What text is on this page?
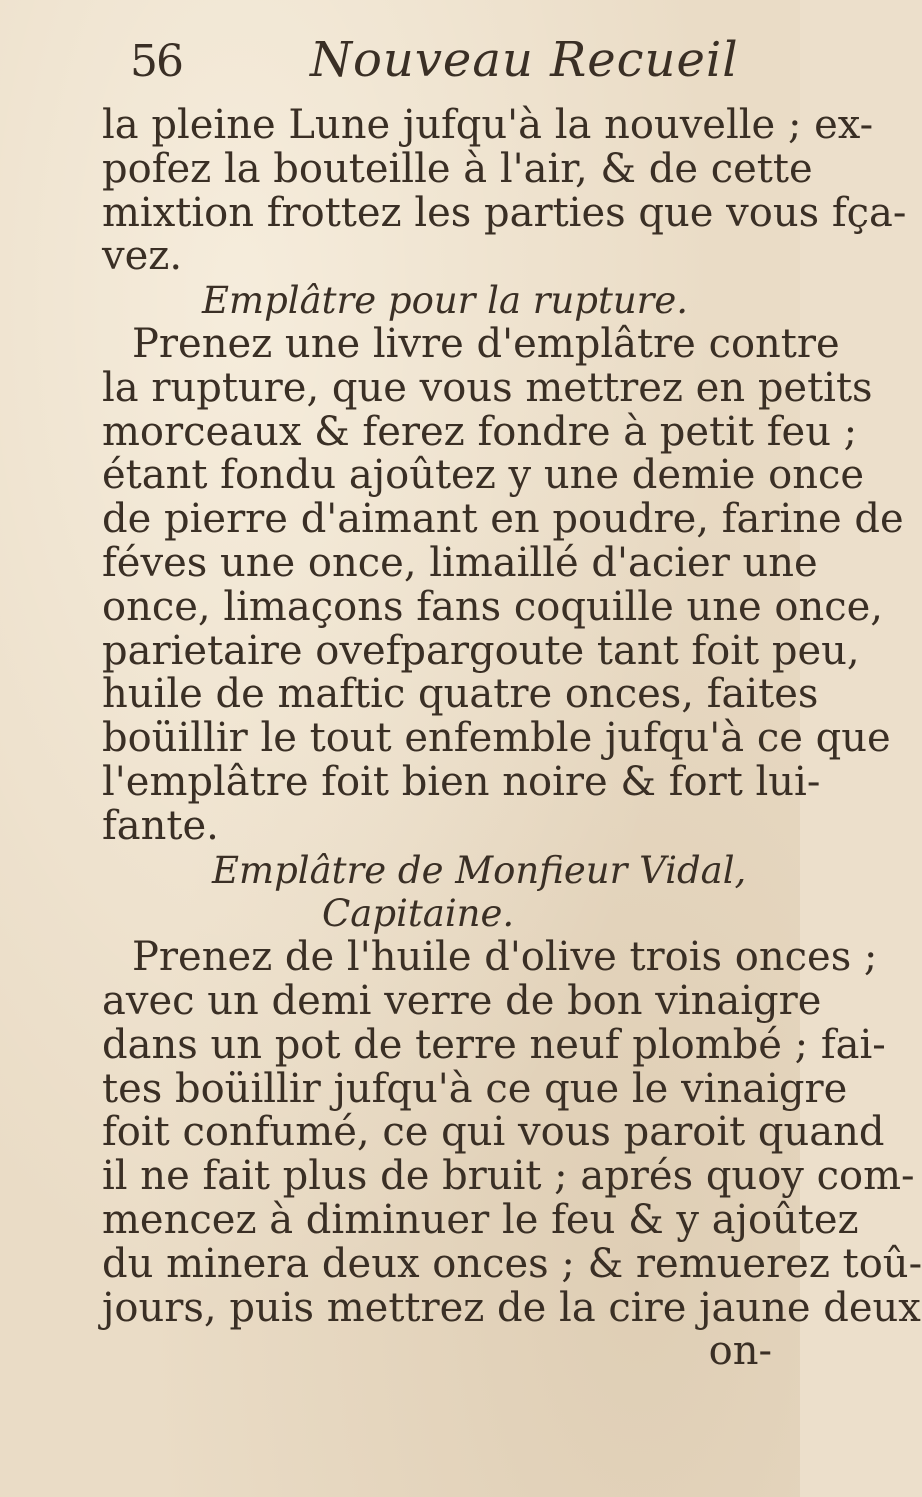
56	Nouveau Recueil
la pleine Lune jufqu'à la nouvelle ; ex-
pofez la bouteille à l'air, & de cette
mixtion frottez les parties que vous fça-
vez.
Emplâtre pour la rupture.
Prenez une livre d'emplâtre contre
la rupture, que vous mettrez en petits
morceaux & ferez fondre à petit feu ;
étant fondu ajoûtez y une demie once
de pierre d'aimant en poudre, farine de
féves une once, limaillé d'acier une
once, limaçons fans coquille une once,
parietaire ovefpargoute tant foit peu,
huile de maftic quatre onces, faites
boüillir le tout enfemble jufqu'à ce que
l'emplâtre foit bien noire & fort lui-
fante.
Emplâtre de Monfieur Vidal,
Capitaine.
Prenez de l'huile d'olive trois onces ;
avec un demi verre de bon vinaigre
dans un pot de terre neuf plombé ; fai-
tes boüillir jufqu'à ce que le vinaigre
foit confumé, ce qui vous paroit quand
il ne fait plus de bruit ; aprés quoy com-
mencez à diminuer le feu & y ajoûtez
du minera deux onces ; & remuerez toû-
jours, puis mettrez de la cire jaune deux
on-
